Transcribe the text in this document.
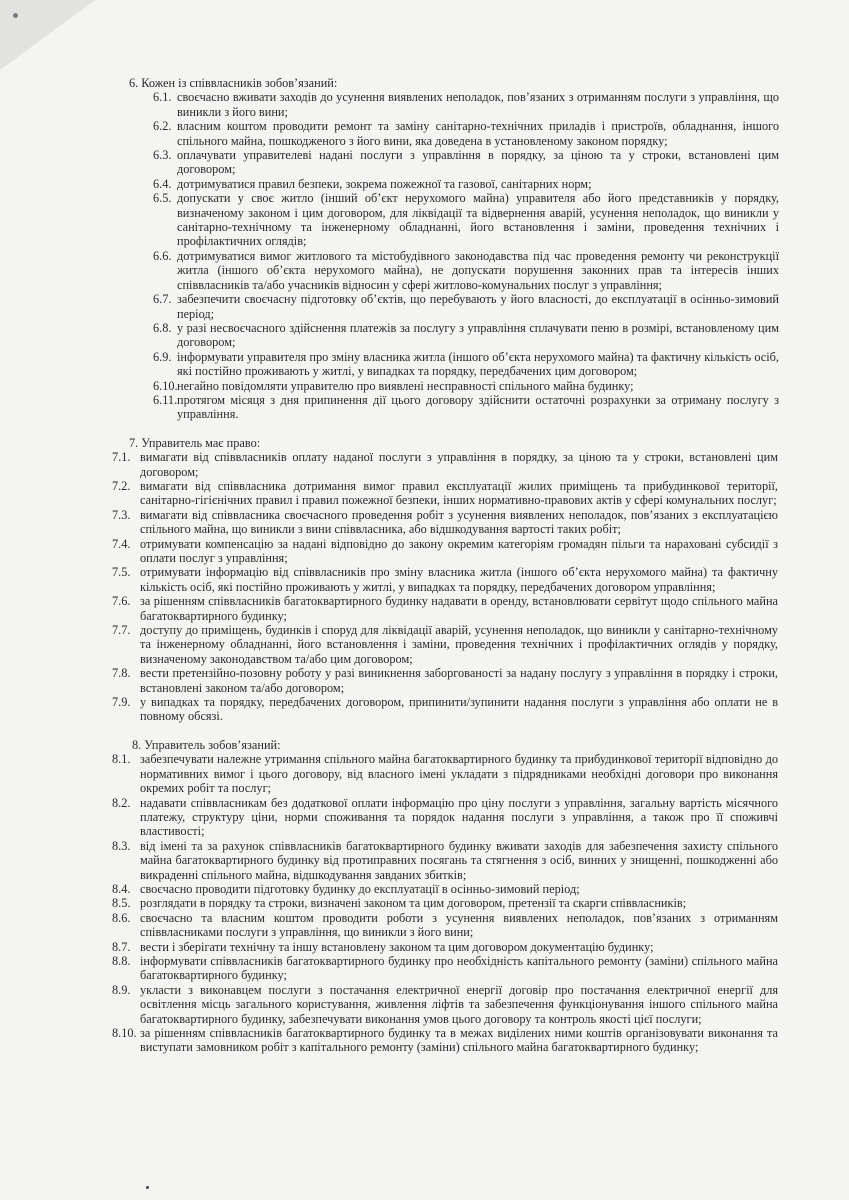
6. Кожен із співвласників зобов’язаний:

6.1. своєчасно вживати заходів до усунення виявлених неполадок, пов’язаних з отриманням послуги з управління, що виникли з його вини;
6.2. власним коштом проводити ремонт та заміну санітарно-технічних приладів і пристроїв, обладнання, іншого спільного майна, пошкодженого з його вини, яка доведена в установленому законом порядку;
6.3. оплачувати управителеві надані послуги з управління в порядку, за ціною та у строки, встановлені цим договором;
6.4. дотримуватися правил безпеки, зокрема пожежної та газової, санітарних норм;
6.5. допускати у своє житло (інший об’єкт нерухомого майна) управителя або його представників у порядку, визначеному законом і цим договором, для ліквідації та відвернення аварій, усунення неполадок, що виникли у санітарно-технічному та інженерному обладнанні, його встановлення і заміни, проведення технічних і профілактичних оглядів;
6.6. дотримуватися вимог житлового та містобудівного законодавства під час проведення ремонту чи реконструкції житла (іншого об’єкта нерухомого майна), не допускати порушення законних прав та інтересів інших співвласників та/або учасників відносин у сфері житлово-комунальних послуг з управління;
6.7. забезпечити своєчасну підготовку об’єктів, що перебувають у його власності, до експлуатації в осінньо-зимовий період;
6.8. у разі несвоєчасного здійснення платежів за послугу з управління сплачувати пеню в розмірі, встановленому цим договором;
6.9. інформувати управителя про зміну власника житла (іншого об’єкта нерухомого майна) та фактичну кількість осіб, які постійно проживають у житлі, у випадках та порядку, передбачених цим договором;
6.10. негайно повідомляти управителю про виявлені несправності спільного майна будинку;
6.11. протягом місяця з дня припинення дії цього договору здійснити остаточні розрахунки за отриману послугу з управління.

7. Управитель має право:

7.1. вимагати від співвласників оплату наданої послуги з управління в порядку, за ціною та у строки, встановлені цим договором;
7.2. вимагати від співвласника дотримання вимог правил експлуатації жилих приміщень та прибудинкової території, санітарно-гігієнічних правил і правил пожежної безпеки, інших нормативно-правових актів у сфері комунальних послуг;
7.3. вимагати від співвласника своєчасного проведення робіт з усунення виявлених неполадок, пов’язаних з експлуатацією спільного майна, що виникли з вини співвласника, або відшкодування вартості таких робіт;
7.4. отримувати компенсацію за надані відповідно до закону окремим категоріям громадян пільги та нараховані субсидії з оплати послуг з управління;
7.5. отримувати інформацію від співвласників про зміну власника житла (іншого об’єкта нерухомого майна) та фактичну кількість осіб, які постійно проживають у житлі, у випадках та порядку, передбачених договором управління;
7.6. за рішенням співвласників багатоквартирного будинку надавати в оренду, встановлювати сервітут щодо спільного майна багатоквартирного будинку;
7.7. доступу до приміщень, будинків і споруд для ліквідації аварій, усунення неполадок, що виникли у санітарно-технічному та інженерному обладнанні, його встановлення і заміни, проведення технічних і профілактичних оглядів у порядку, визначеному законодавством та/або цим договором;
7.8. вести претензійно-позовну роботу у разі виникнення заборгованості за надану послугу з управління в порядку і строки, встановлені законом та/або договором;
7.9. у випадках та порядку, передбачених договором, припинити/зупинити надання послуги з управління або оплати не в повному обсязі.

8. Управитель зобов’язаний:

8.1. забезпечувати належне утримання спільного майна багатоквартирного будинку та прибудинкової території відповідно до нормативних вимог і цього договору, від власного імені укладати з підрядниками необхідні договори про виконання окремих робіт та послуг;
8.2. надавати співвласникам без додаткової оплати інформацію про ціну послуги з управління, загальну вартість місячного платежу, структуру ціни, норми споживання та порядок надання послуги з управління, а також про її споживчі властивості;
8.3. від імені та за рахунок співвласників багатоквартирного будинку вживати заходів для забезпечення захисту спільного майна багатоквартирного будинку від протиправних посягань та стягнення з осіб, винних у знищенні, пошкодженні або викраденні спільного майна, відшкодування завданих збитків;
8.4. своєчасно проводити підготовку будинку до експлуатації в осінньо-зимовий період;
8.5. розглядати в порядку та строки, визначені законом та цим договором, претензії та скарги співвласників;
8.6. своєчасно та власним коштом проводити роботи з усунення виявлених неполадок, пов’язаних з отриманням співвласниками послуги з управління, що виникли з його вини;
8.7. вести і зберігати технічну та іншу встановлену законом та цим договором документацію будинку;
8.8. інформувати співвласників багатоквартирного будинку про необхідність капітального ремонту (заміни) спільного майна багатоквартирного будинку;
8.9. укласти з виконавцем послуги з постачання електричної енергії договір про постачання електричної енергії для освітлення місць загального користування, живлення ліфтів та забезпечення функціонування іншого спільного майна багатоквартирного будинку, забезпечувати виконання умов цього договору та контроль якості цієї послуги;
8.10. за рішенням співвласників багатоквартирного будинку та в межах виділених ними коштів організовувати виконання та виступати замовником робіт з капітального ремонту (заміни) спільного майна багатоквартирного будинку;
